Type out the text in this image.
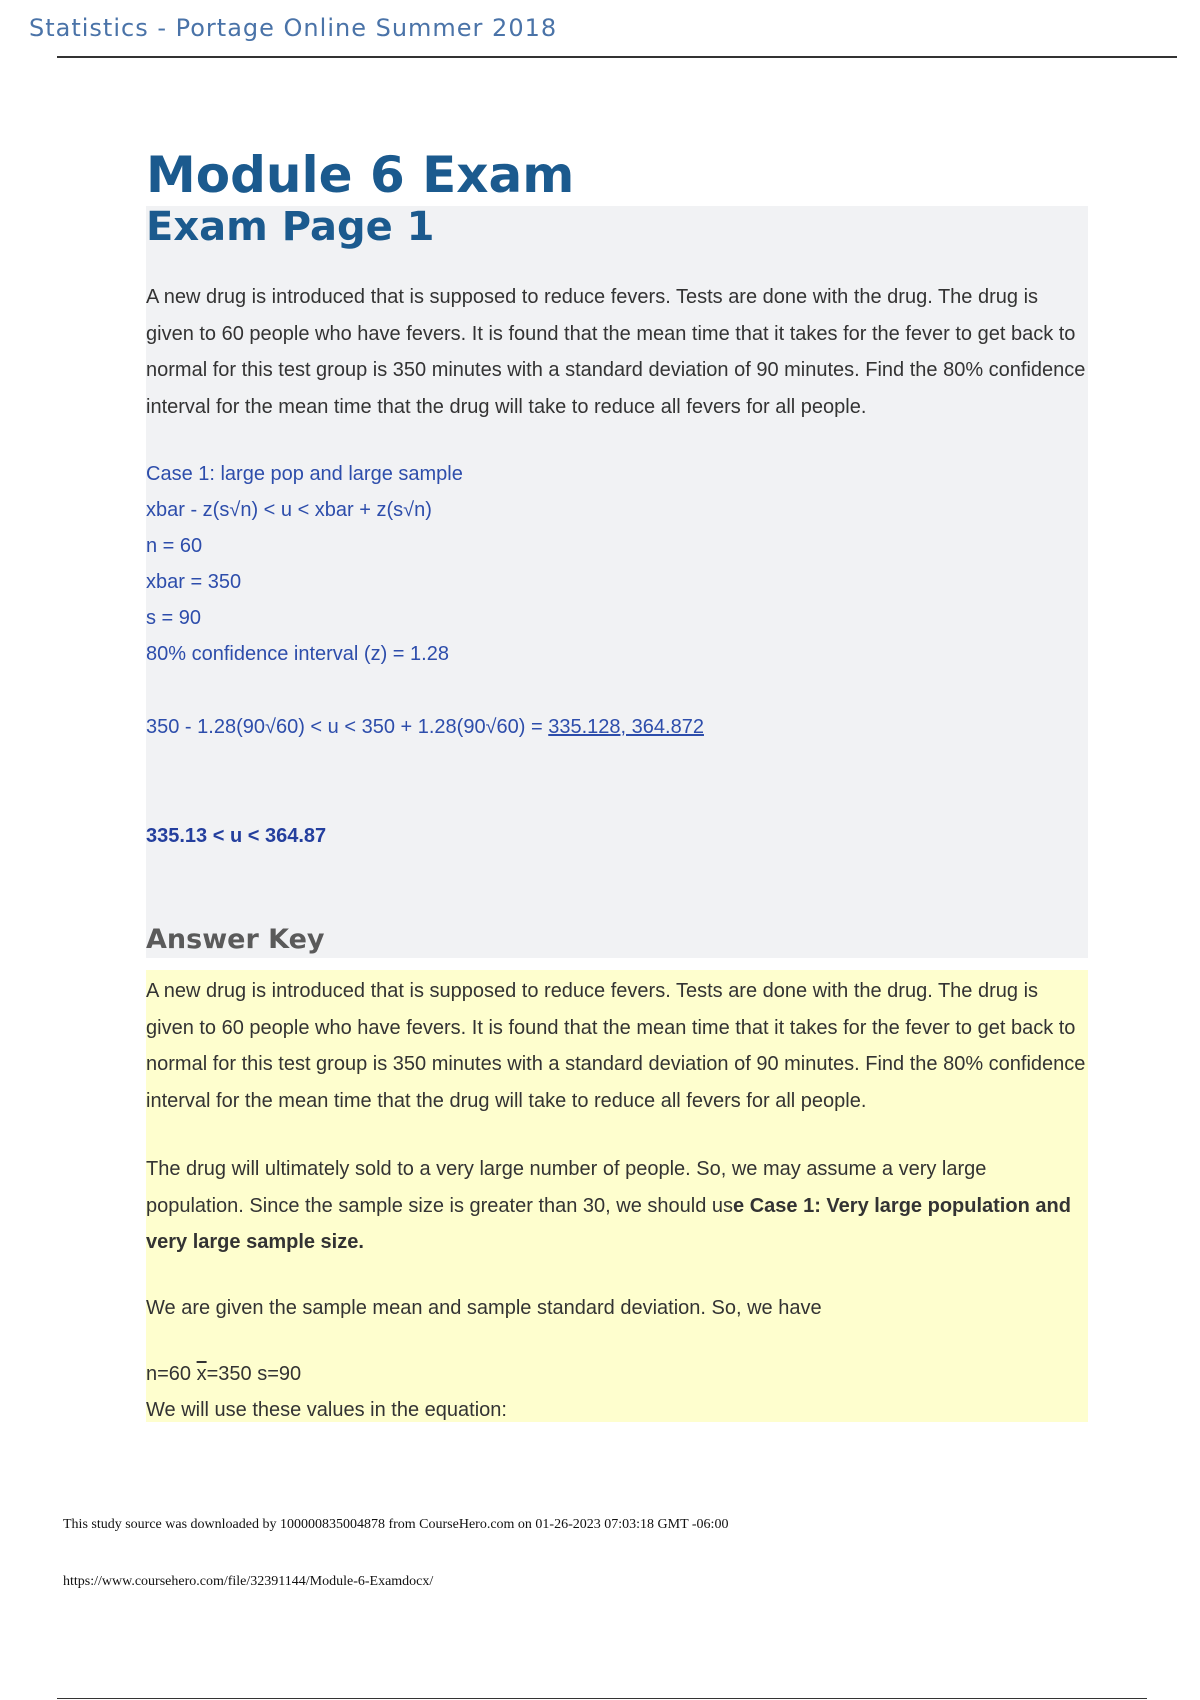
Statistics - Portage Online Summer 2018
Module 6 Exam
Exam Page 1
A new drug is introduced that is supposed to reduce fevers. Tests are done with the drug. The drug is given to 60 people who have fevers. It is found that the mean time that it takes for the fever to get back to normal for this test group is 350 minutes with a standard deviation of 90 minutes. Find the 80% confidence interval for the mean time that the drug will take to reduce all fevers for all people.
Case 1: large pop and large sample
xbar - z(s√n) < u < xbar + z(s√n)
n = 60
xbar = 350
s = 90
80% confidence interval (z) = 1.28
350 - 1.28(90√60) < u < 350 + 1.28(90√60) = 335.128, 364.872
335.13 < u < 364.87
Answer Key
A new drug is introduced that is supposed to reduce fevers. Tests are done with the drug. The drug is given to 60 people who have fevers. It is found that the mean time that it takes for the fever to get back to normal for this test group is 350 minutes with a standard deviation of 90 minutes. Find the 80% confidence interval for the mean time that the drug will take to reduce all fevers for all people.
The drug will ultimately sold to a very large number of people. So, we may assume a very large population. Since the sample size is greater than 30, we should use Case 1: Very large population and very large sample size.
We are given the sample mean and sample standard deviation. So, we have
n=60 $\overline{x}=350$ s=90
We will use these values in the equation:
This study source was downloaded by 100000835004878 from CourseHero.com on 01-26-2023 07:03:18 GMT -06:00
https://www.coursehero.com/file/32391144/Module-6-Examdocx/
